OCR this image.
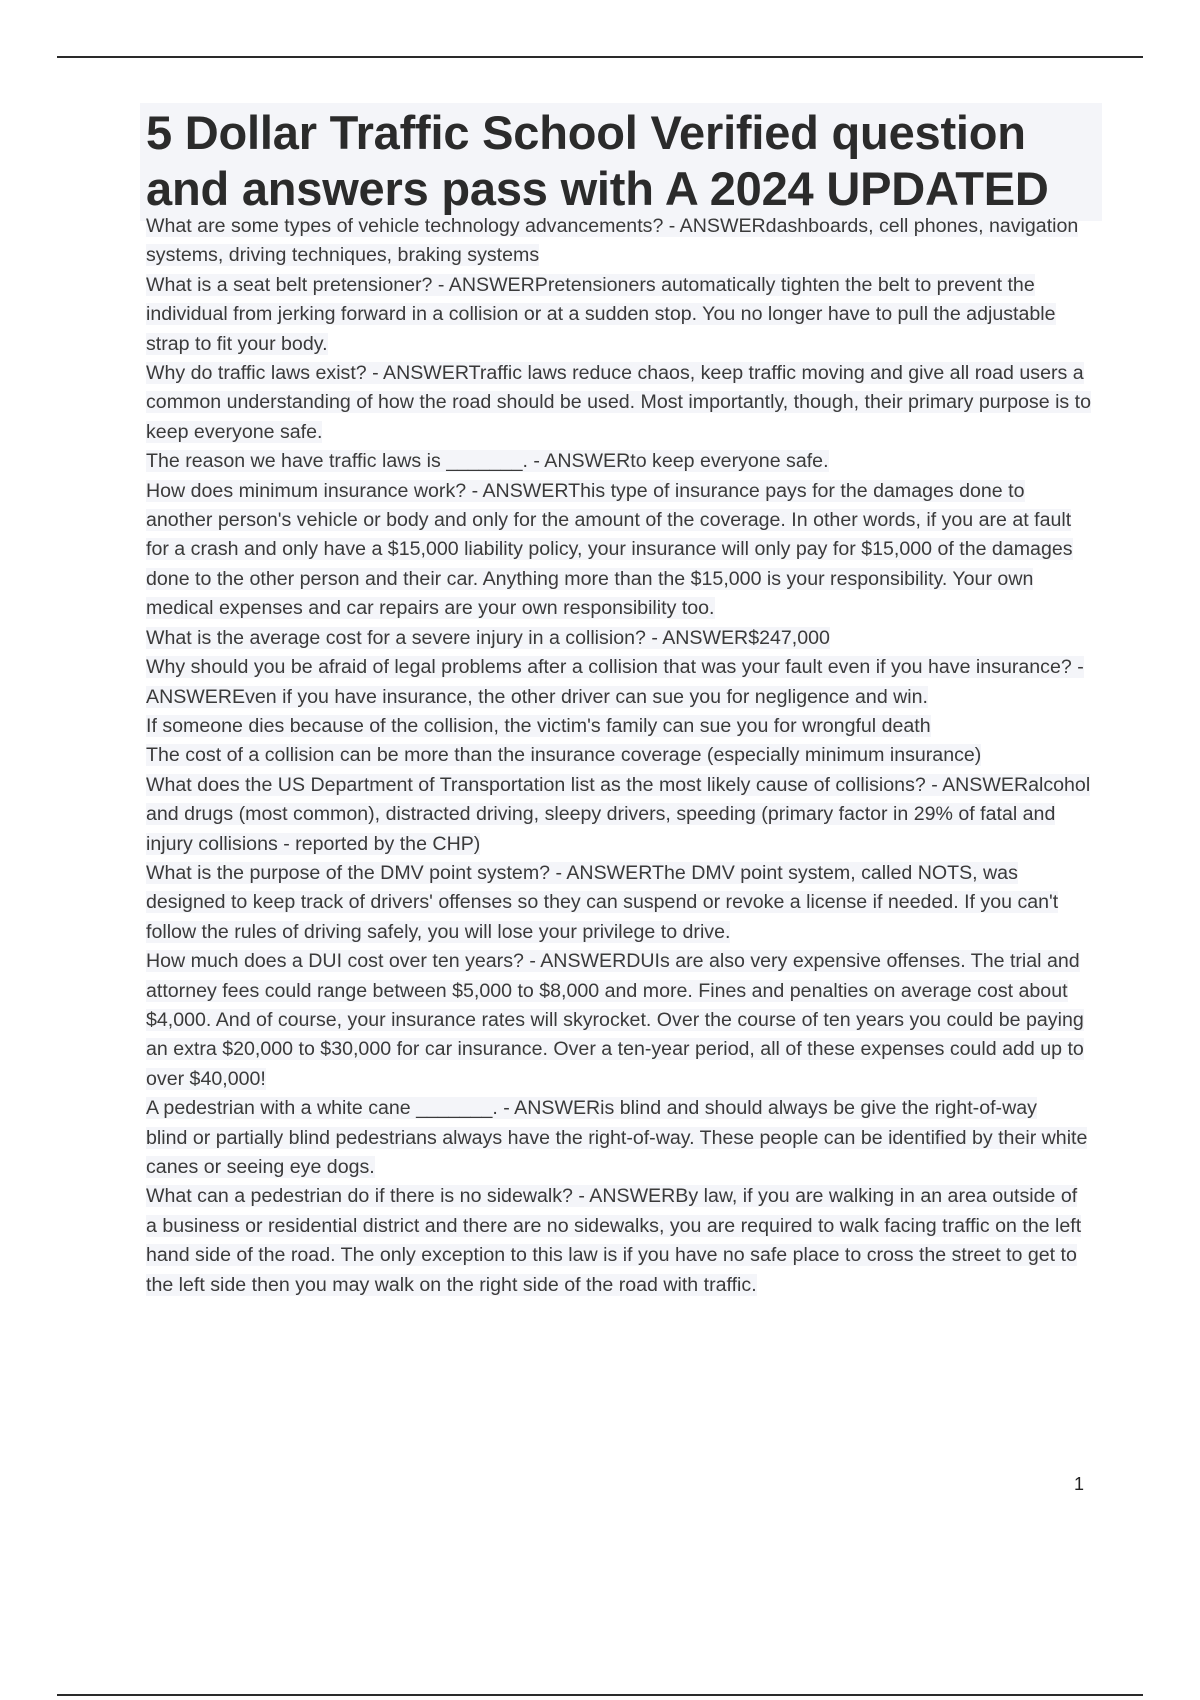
5 Dollar Traffic School Verified question and answers pass with A 2024 UPDATED

What are some types of vehicle technology advancements? - ANSWERdashboards, cell phones, navigation systems, driving techniques, braking systems

What is a seat belt pretensioner? - ANSWERPretensioners automatically tighten the belt to prevent the individual from jerking forward in a collision or at a sudden stop. You no longer have to pull the adjustable strap to fit your body.

Why do traffic laws exist? - ANSWERTraffic laws reduce chaos, keep traffic moving and give all road users a common understanding of how the road should be used. Most importantly, though, their primary purpose is to keep everyone safe.

The reason we have traffic laws is _______. - ANSWERto keep everyone safe.

How does minimum insurance work? - ANSWERThis type of insurance pays for the damages done to another person's vehicle or body and only for the amount of the coverage. In other words, if you are at fault for a crash and only have a $15,000 liability policy, your insurance will only pay for $15,000 of the damages done to the other person and their car. Anything more than the $15,000 is your responsibility. Your own medical expenses and car repairs are your own responsibility too.

What is the average cost for a severe injury in a collision? - ANSWER$247,000

Why should you be afraid of legal problems after a collision that was your fault even if you have insurance? - ANSWEREven if you have insurance, the other driver can sue you for negligence and win.

If someone dies because of the collision, the victim's family can sue you for wrongful death

The cost of a collision can be more than the insurance coverage (especially minimum insurance)

What does the US Department of Transportation list as the most likely cause of collisions? - ANSWERalcohol and drugs (most common), distracted driving, sleepy drivers, speeding (primary factor in 29% of fatal and injury collisions - reported by the CHP)

What is the purpose of the DMV point system? - ANSWERThe DMV point system, called NOTS, was designed to keep track of drivers' offenses so they can suspend or revoke a license if needed. If you can't follow the rules of driving safely, you will lose your privilege to drive.

How much does a DUI cost over ten years? - ANSWERDUIs are also very expensive offenses. The trial and attorney fees could range between $5,000 to $8,000 and more. Fines and penalties on average cost about $4,000. And of course, your insurance rates will skyrocket. Over the course of ten years you could be paying an extra $20,000 to $30,000 for car insurance. Over a ten-year period, all of these expenses could add up to over $40,000!

A pedestrian with a white cane _______. - ANSWERis blind and should always be give the right-of-way

blind or partially blind pedestrians always have the right-of-way. These people can be identified by their white canes or seeing eye dogs.

What can a pedestrian do if there is no sidewalk? - ANSWERBy law, if you are walking in an area outside of a business or residential district and there are no sidewalks, you are required to walk facing traffic on the left hand side of the road. The only exception to this law is if you have no safe place to cross the street to get to the left side then you may walk on the right side of the road with traffic.

1
